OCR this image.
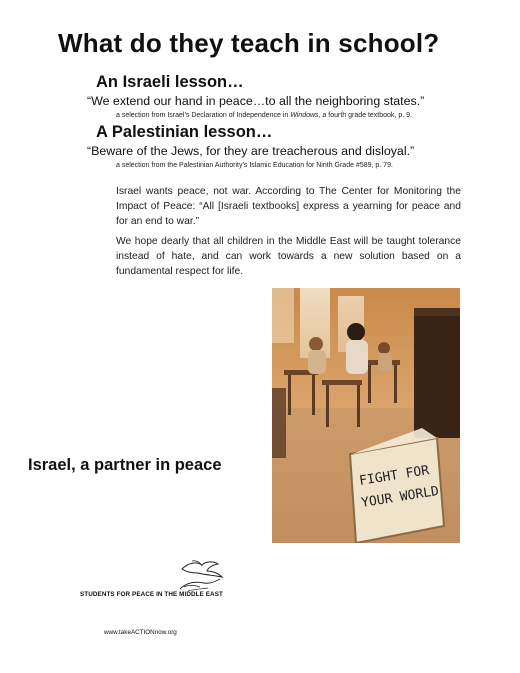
What do they teach in school?
An Israeli lesson…
“We extend our hand in peace…to all the neighboring states.”
a selection from Israel’s Declaration of Independence in Windows, a fourth grade textbook, p. 9.
A Palestinian lesson…
“Beware of the Jews, for they are treacherous and disloyal.”
a selection from the Palestinian Authority’s Islamic Education for Ninth Grade #589, p. 79.
Israel wants peace, not war. According to The Center for Monitoring the Impact of Peace: “All [Israeli textbooks] express a yearning for peace and for an end to war.”
We hope dearly that all children in the Middle East will be taught tolerance instead of hate, and can work towards a new solution based on a fundamental respect for life.
Israel, a partner in peace	FIGHT FOR
YOUR WORLD
STUDENTS FOR PEACE IN THE MIDDLE EAST
www.takeACTIONnow.org
